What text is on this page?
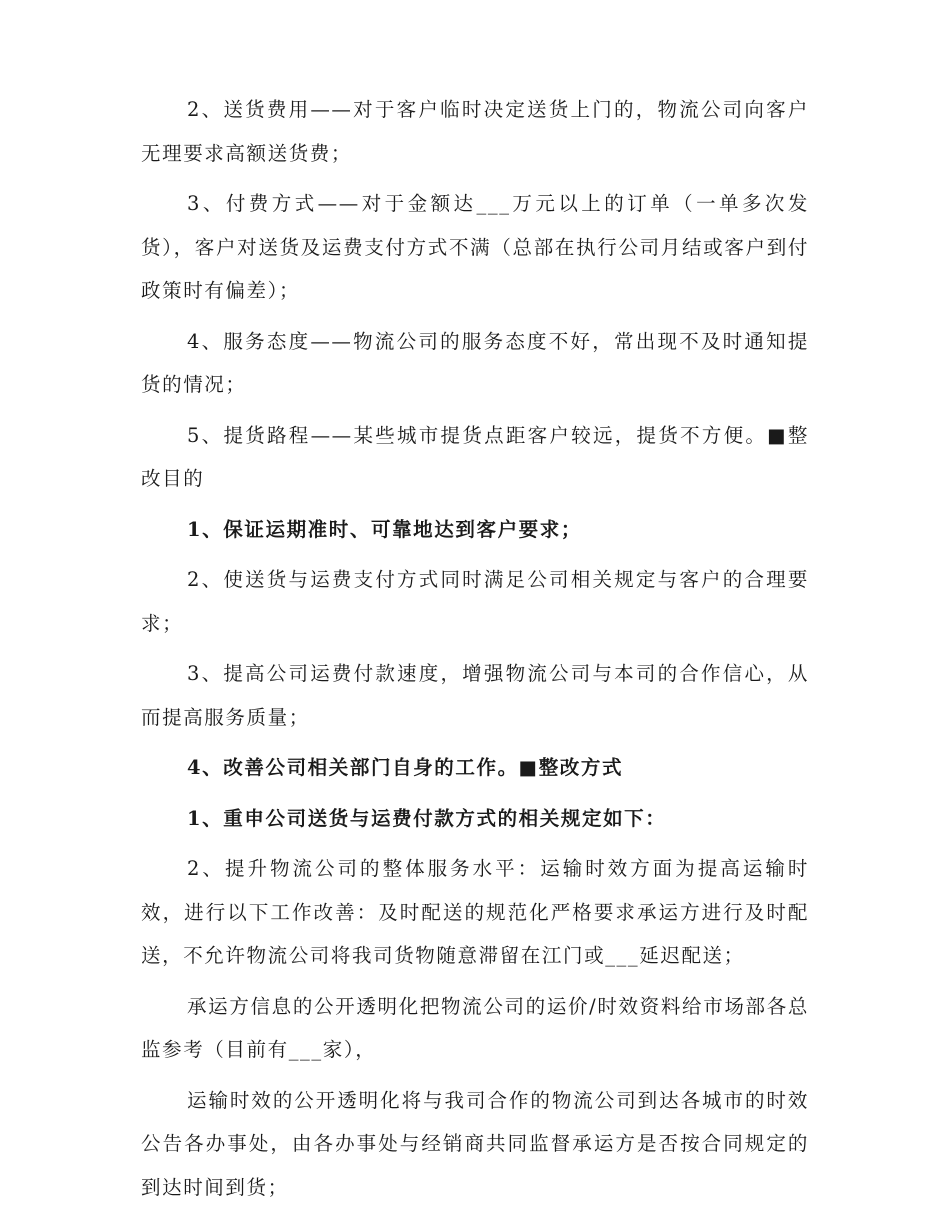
2、送货费用——对于客户临时决定送货上门的，物流公司向客户无理要求高额送货费；

3、付费方式——对于金额达___万元以上的订单（一单多次发货），客户对送货及运费支付方式不满（总部在执行公司月结或客户到付政策时有偏差）；

4、服务态度——物流公司的服务态度不好，常出现不及时通知提货的情况；

5、提货路程——某些城市提货点距客户较远，提货不方便。■整改目的

1、保证运期准时、可靠地达到客户要求；

2、使送货与运费支付方式同时满足公司相关规定与客户的合理要求；

3、提高公司运费付款速度，增强物流公司与本司的合作信心，从而提高服务质量；

4、改善公司相关部门自身的工作。■整改方式

1、重申公司送货与运费付款方式的相关规定如下：

2、提升物流公司的整体服务水平：运输时效方面为提高运输时效，进行以下工作改善：及时配送的规范化严格要求承运方进行及时配送，不允许物流公司将我司货物随意滞留在江门或___延迟配送；

承运方信息的公开透明化把物流公司的运价/时效资料给市场部各总监参考（目前有___家），

运输时效的公开透明化将与我司合作的物流公司到达各城市的时效公告各办事处，由各办事处与经销商共同监督承运方是否按合同规定的到达时间到货；
